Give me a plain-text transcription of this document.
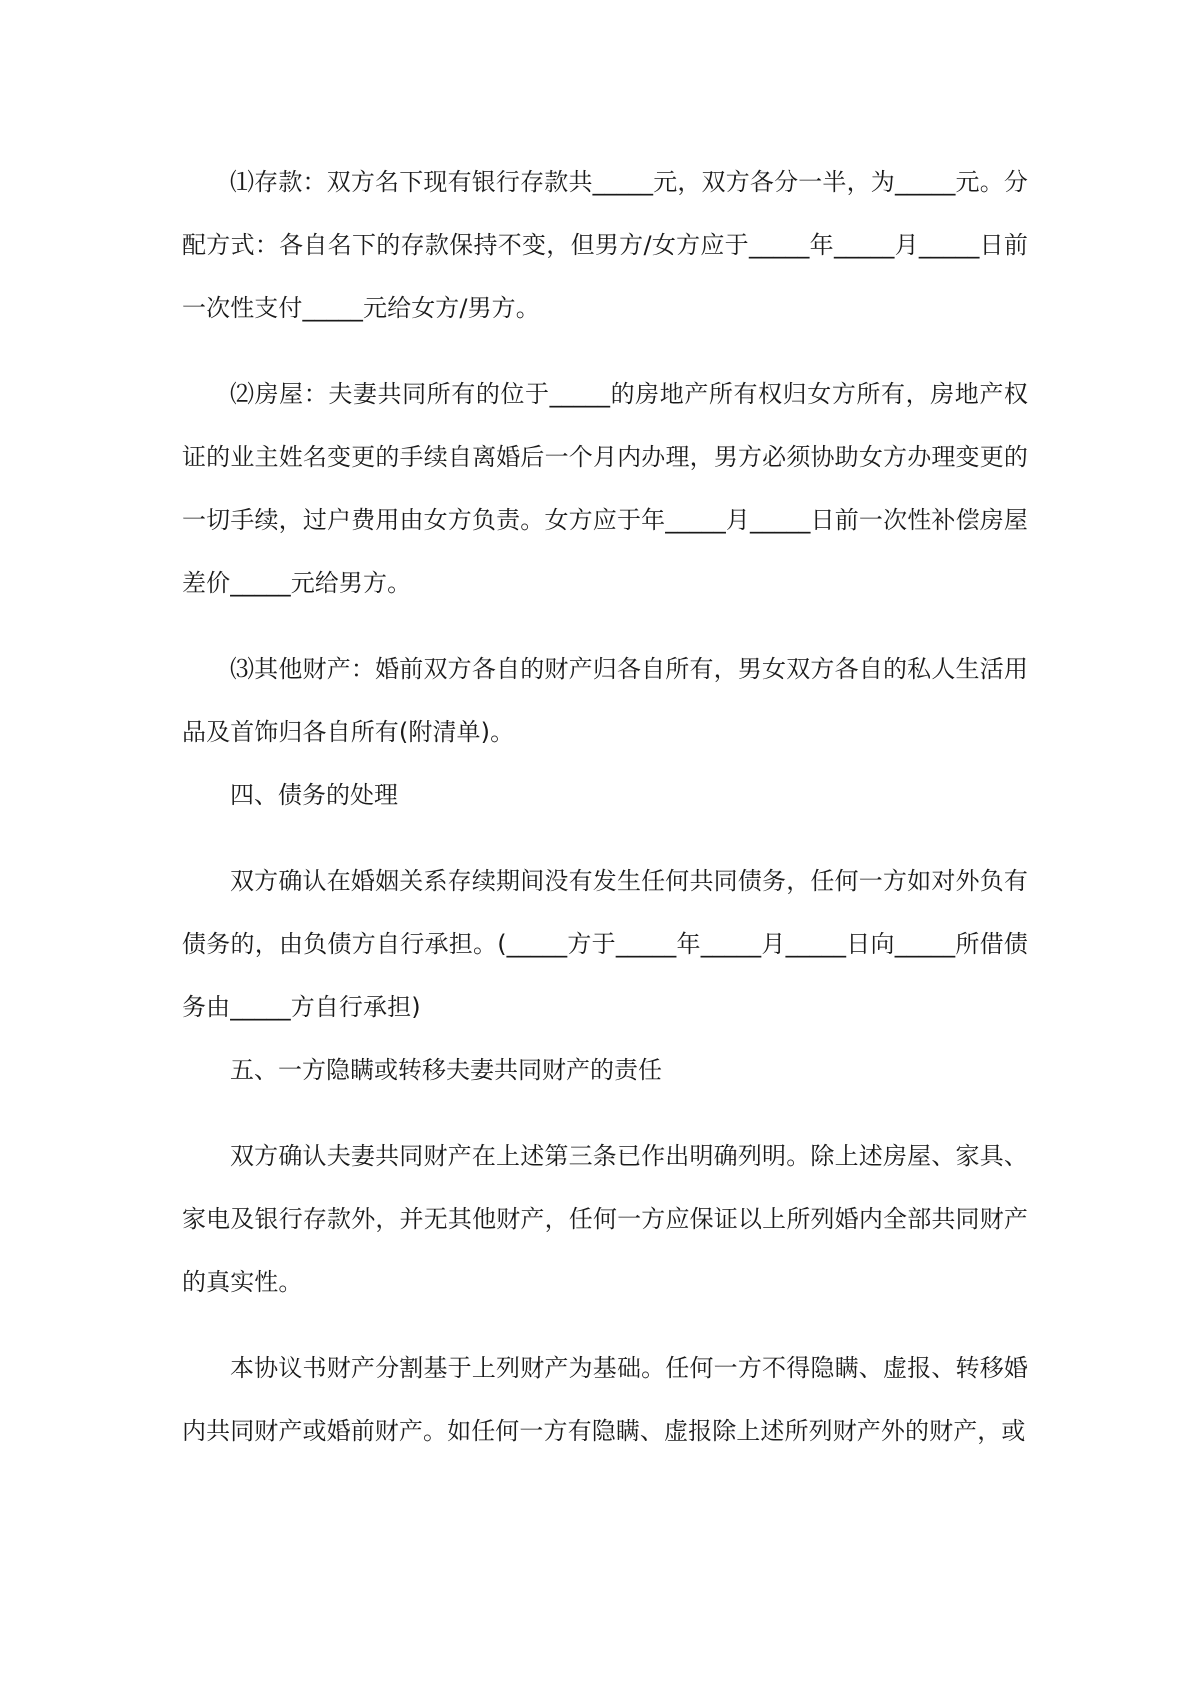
⑴存款：双方名下现有银行存款共_____元，双方各分一半，为_____元。分配方式：各自名下的存款保持不变，但男方/女方应于_____年_____月_____日前一次性支付_____元给女方/男方。

⑵房屋：夫妻共同所有的位于_____的房地产所有权归女方所有，房地产权证的业主姓名变更的手续自离婚后一个月内办理，男方必须协助女方办理变更的一切手续，过户费用由女方负责。女方应于年_____月_____日前一次性补偿房屋差价_____元给男方。

⑶其他财产：婚前双方各自的财产归各自所有，男女双方各自的私人生活用品及首饰归各自所有(附清单)。

四、债务的处理

双方确认在婚姻关系存续期间没有发生任何共同债务，任何一方如对外负有债务的，由负债方自行承担。(_____方于_____年_____月_____日向_____所借债务由_____方自行承担)

五、一方隐瞒或转移夫妻共同财产的责任

双方确认夫妻共同财产在上述第三条已作出明确列明。除上述房屋、家具、家电及银行存款外，并无其他财产，任何一方应保证以上所列婚内全部共同财产的真实性。

本协议书财产分割基于上列财产为基础。任何一方不得隐瞒、虚报、转移婚内共同财产或婚前财产。如任何一方有隐瞒、虚报除上述所列财产外的财产，或
